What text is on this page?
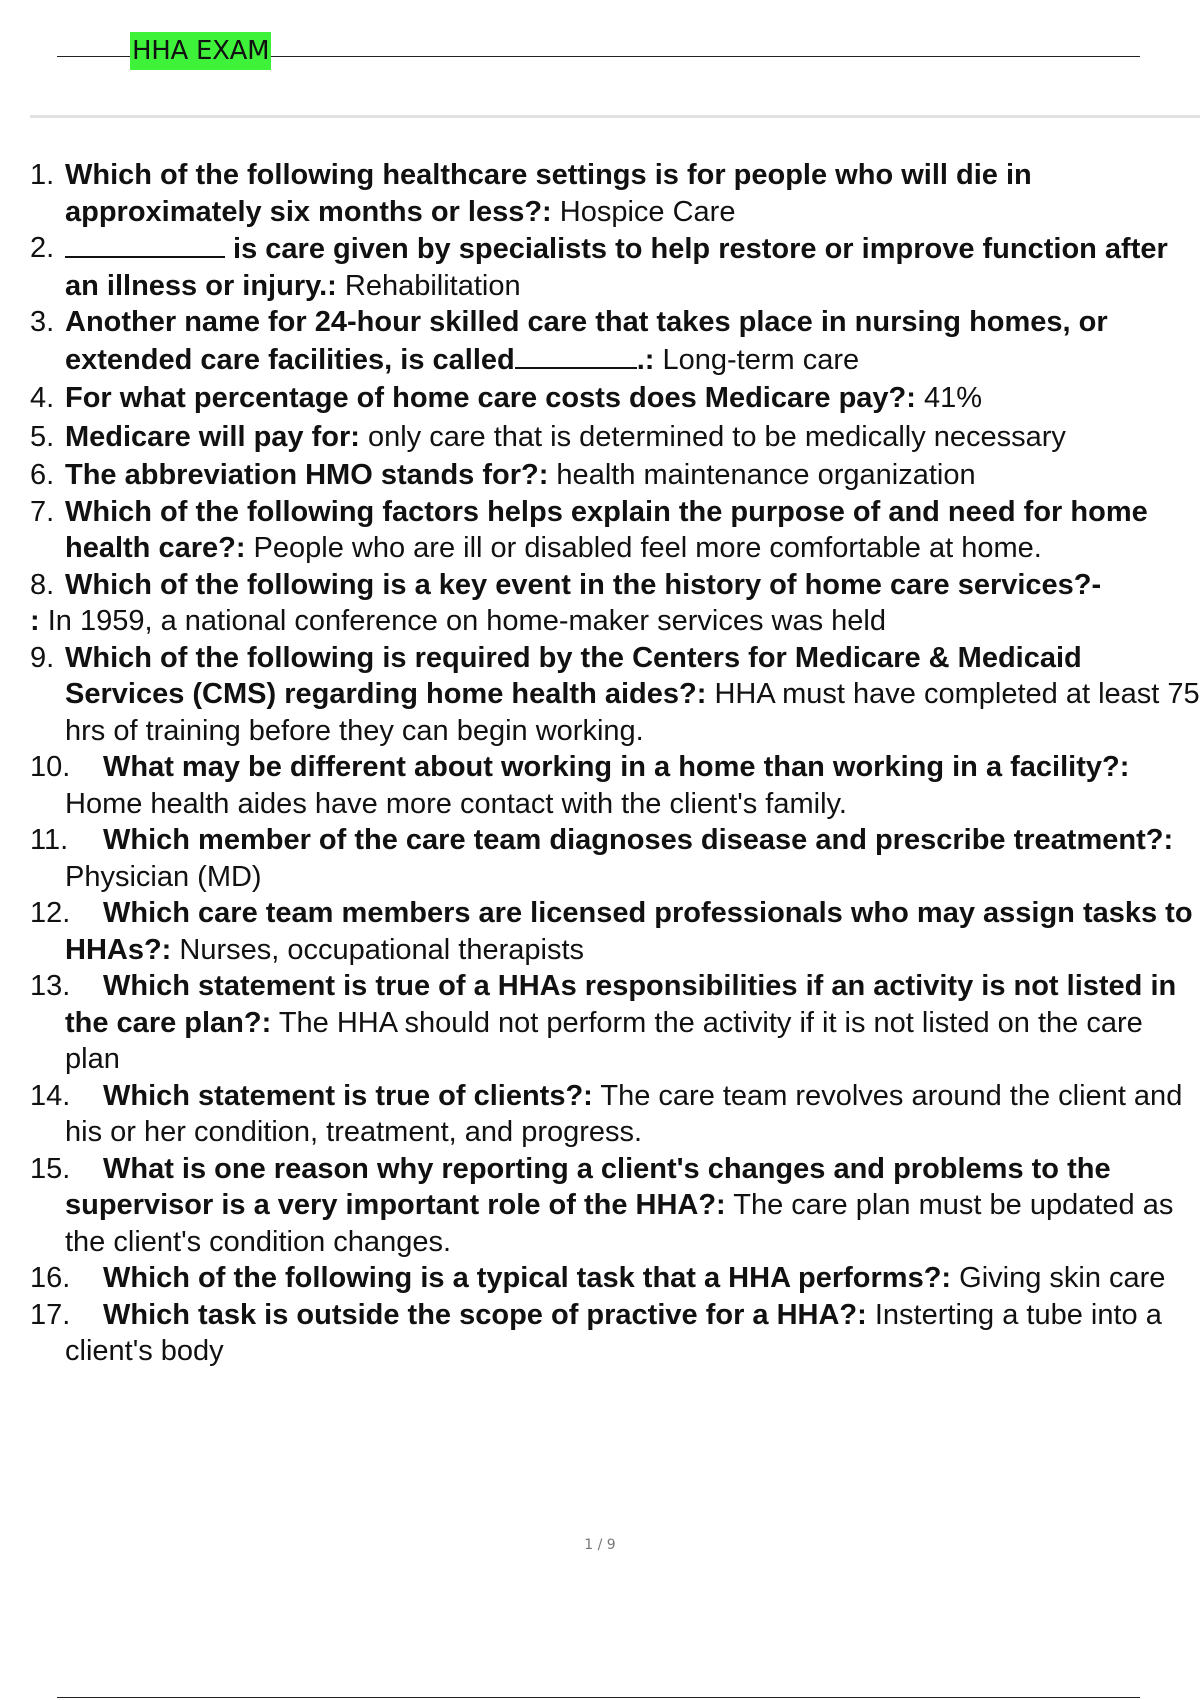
HHA EXAM
1. Which of the following healthcare settings is for people who will die in approximately six months or less?: Hospice Care
2.	is care given by specialists to help restore or improve function after an illness or injury.: Rehabilitation
3. Another name for 24-hour skilled care that takes place in nursing homes, or extended care facilities, is called	.: Long-term care
4. For what percentage of home care costs does Medicare pay?: 41%
5. Medicare will pay for: only care that is determined to be medically necessary
6. The abbreviation HMO stands for?: health maintenance organization
7. Which of the following factors helps explain the purpose of and need for home health care?: People who are ill or disabled feel more comfortable at home.
8. Which of the following is a key event in the history of home care services?-
: In 1959, a national conference on home-maker services was held
9. Which of the following is required by the Centers for Medicare & Medicaid Services (CMS) regarding home health aides?: HHA must have completed at least 75 hrs of training before they can begin working.
10. What may be different about working in a home than working in a facility?: Home health aides have more contact with the client's family.
11. Which member of the care team diagnoses disease and prescribe treatment?: Physician (MD)
12. Which care team members are licensed professionals who may assign tasks to HHAs?: Nurses, occupational therapists
13. Which statement is true of a HHAs responsibilities if an activity is not listed in the care plan?: The HHA should not perform the activity if it is not listed on the care plan
14. Which statement is true of clients?: The care team revolves around the client and his or her condition, treatment, and progress.
15. What is one reason why reporting a client's changes and problems to the supervisor is a very important role of the HHA?: The care plan must be updated as the client's condition changes.
16. Which of the following is a typical task that a HHA performs?: Giving skin care
17. Which task is outside the scope of practive for a HHA?: Insterting a tube into a client's body
1 / 9
